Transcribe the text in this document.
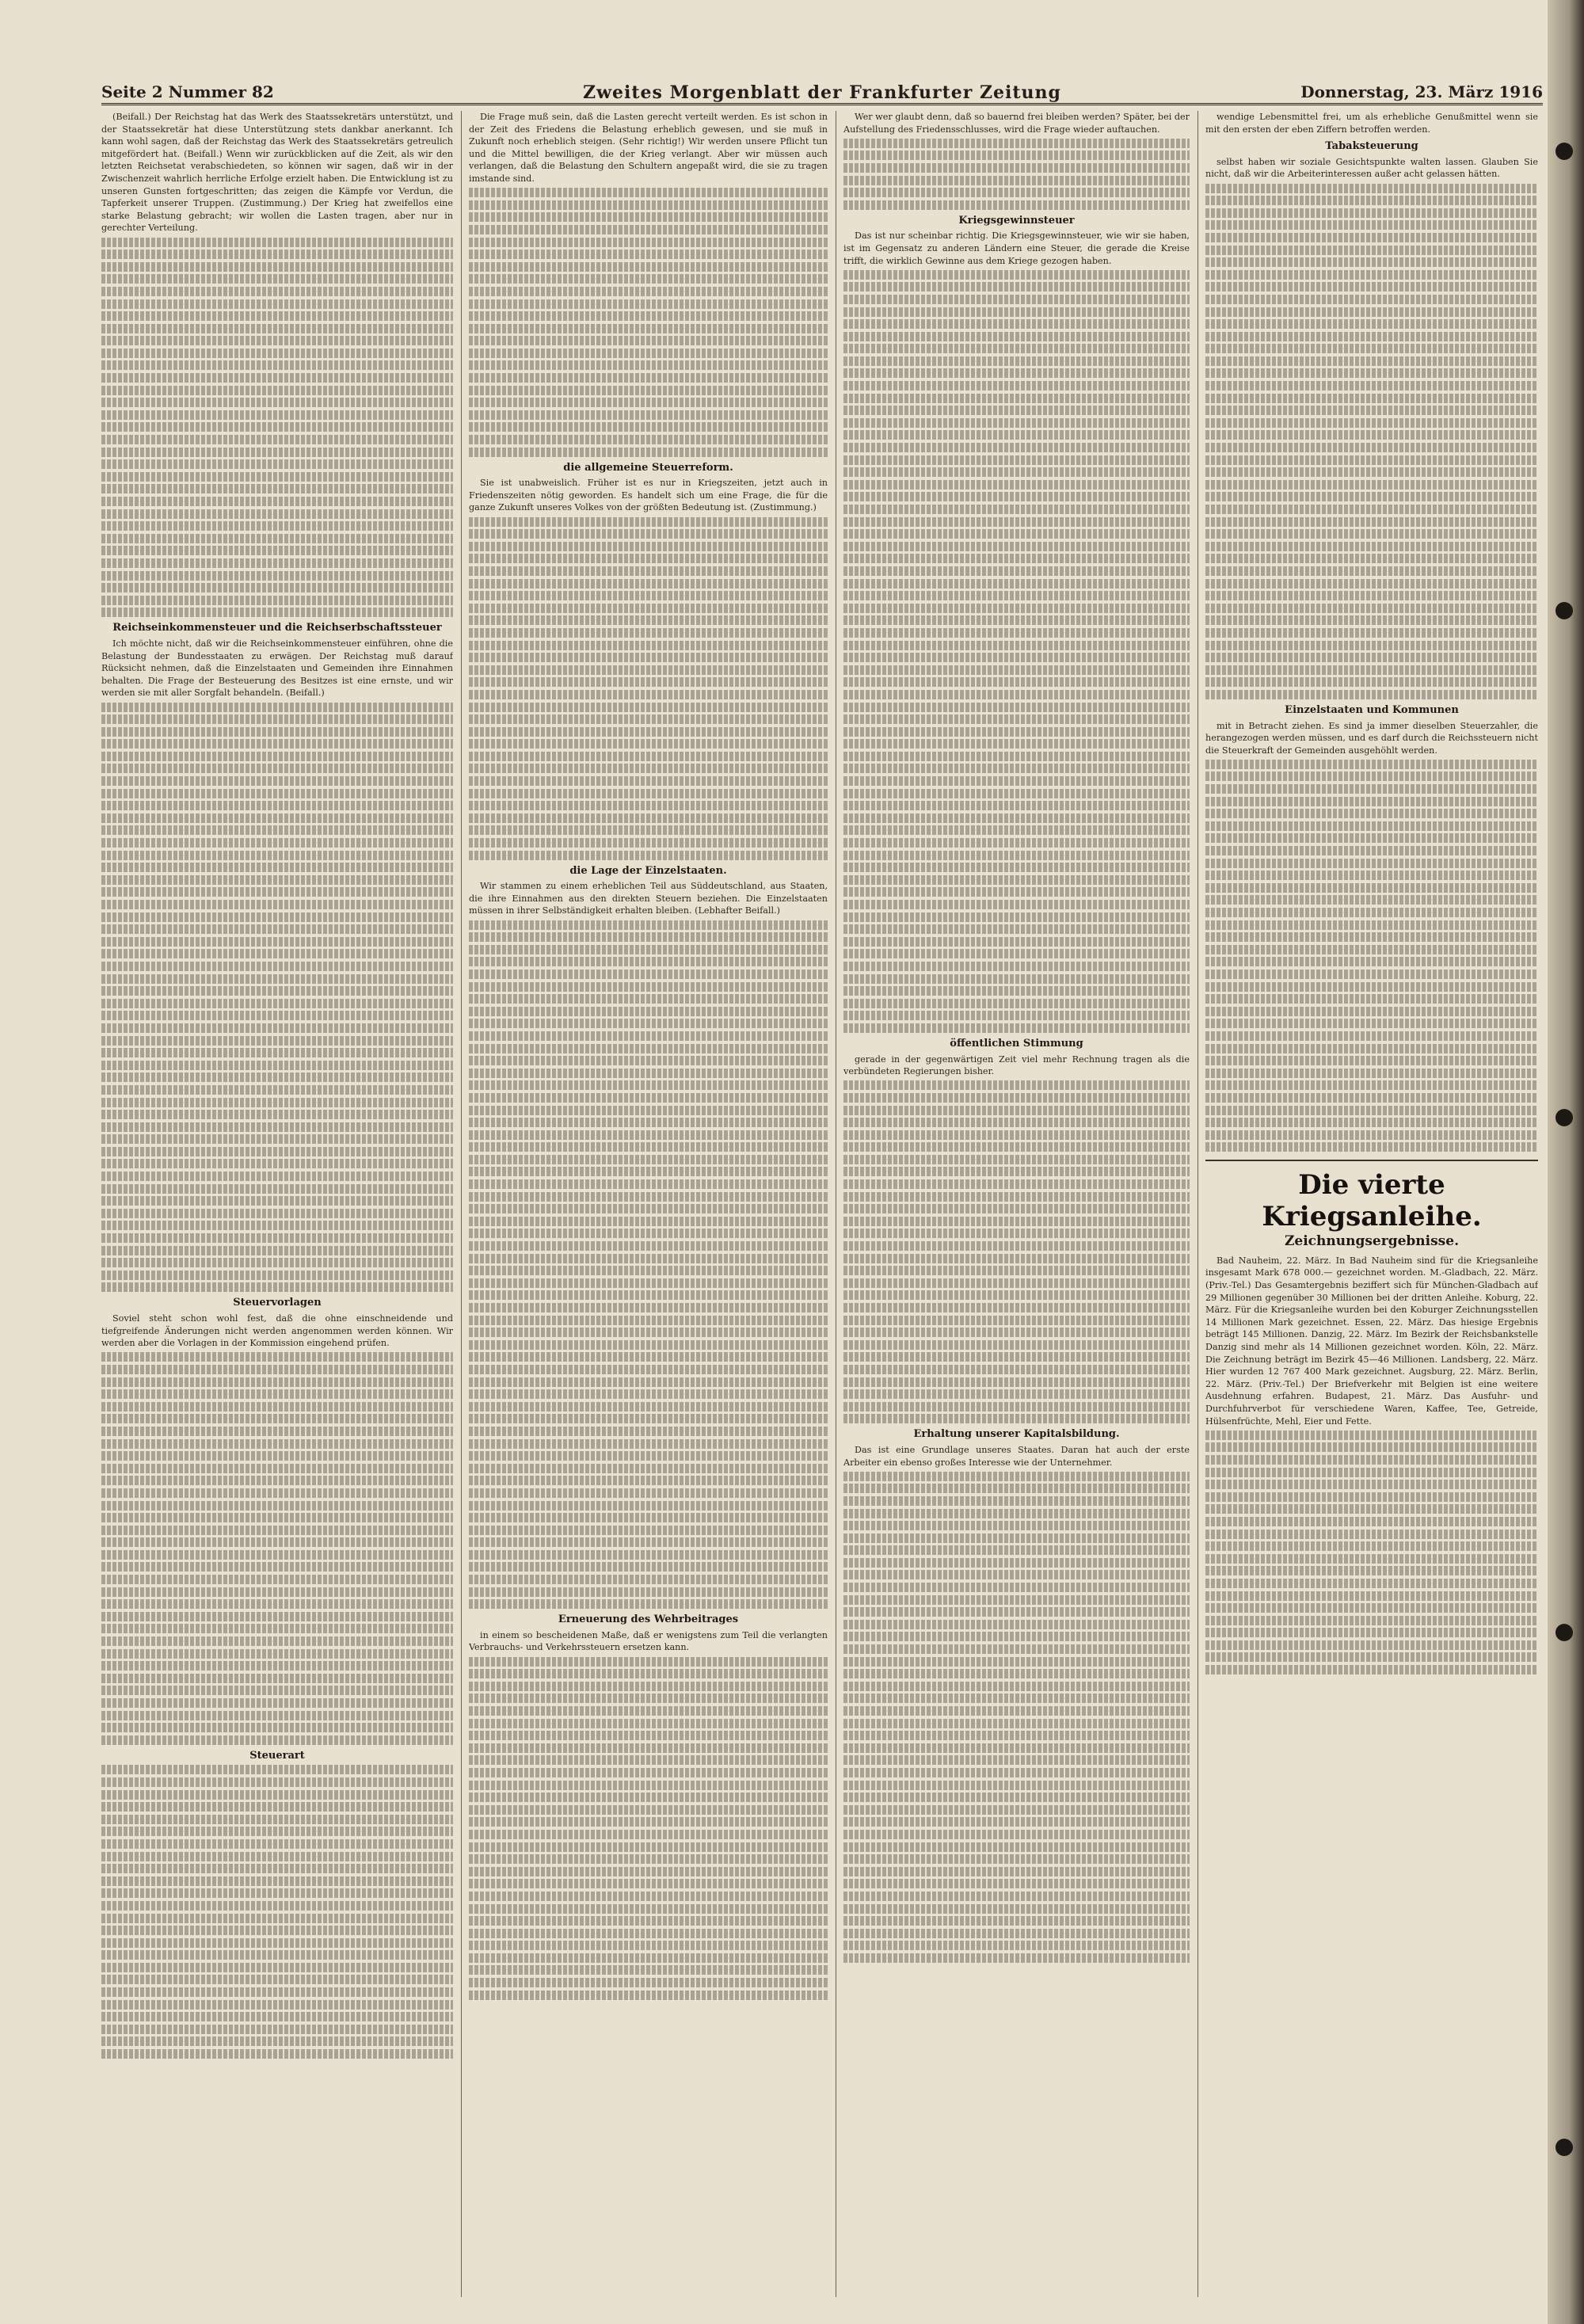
Seite 2 Nummer 82	Zweites Morgenblatt der Frankfurter Zeitung	Donnerstag, 23. März 1916

(Beifall.) Der Reichstag hat das Werk des Staatssekretärs unterstützt, und der Staatssekretär hat diese Unterstützung stets dankbar anerkannt. Ich kann wohl sagen, daß der Reichstag das Werk des Staatssekretärs getreulich mitgefördert hat. (Beifall.) Wenn wir zurückblicken auf die Zeit, als wir den letzten Reichsetat verabschiedeten, so können wir sagen, daß wir in der Zwischenzeit wahrlich herrliche Erfolge erzielt haben. Die Entwicklung ist zu unseren Gunsten fortgeschritten; das zeigen die Kämpfe vor Verdun, die Tapferkeit unserer Truppen. (Zustimmung.) Der Krieg hat zweifellos eine starke Belastung gebracht; wir wollen die Lasten tragen, aber nur in gerechter Verteilung.

Reichseinkommensteuer und die Reichserbschaftssteuer

Ich möchte nicht, daß wir die Reichseinkommensteuer einführen, ohne die Belastung der Bundesstaaten zu erwägen. Der Reichstag muß darauf Rücksicht nehmen, daß die Einzelstaaten und Gemeinden ihre Einnahmen behalten. Die Frage der Besteuerung des Besitzes ist eine ernste, und wir werden sie mit aller Sorgfalt behandeln. (Beifall.)

Steuervorlagen

Soviel steht schon wohl fest, daß die ohne einschneidende und tiefgreifende Änderungen nicht werden angenommen werden können. Wir werden aber die Vorlagen in der Kommission eingehend prüfen.

Steuerart

Die Frage muß sein, daß die Lasten gerecht verteilt werden. Es ist schon in der Zeit des Friedens die Belastung erheblich gewesen, und sie muß in Zukunft noch erheblich steigen. (Sehr richtig!) Wir werden unsere Pflicht tun und die Mittel bewilligen, die der Krieg verlangt. Aber wir müssen auch verlangen, daß die Belastung den Schultern angepaßt wird, die sie zu tragen imstande sind.

die allgemeine Steuerreform.

Sie ist unabweislich. Früher ist es nur in Kriegszeiten, jetzt auch in Friedenszeiten nötig geworden. Es handelt sich um eine Frage, die für die ganze Zukunft unseres Volkes von der größten Bedeutung ist. (Zustimmung.)

die Lage der Einzelstaaten.

Wir stammen zu einem erheblichen Teil aus Süddeutschland, aus Staaten, die ihre Einnahmen aus den direkten Steuern beziehen. Die Einzelstaaten müssen in ihrer Selbständigkeit erhalten bleiben. (Lebhafter Beifall.)

Erneuerung des Wehrbeitrages

in einem so bescheidenen Maße, daß er wenigstens zum Teil die verlangten Verbrauchs- und Verkehrssteuern ersetzen kann.

Wer wer glaubt denn, daß so bauernd frei bleiben werden? Später, bei der Aufstellung des Friedensschlusses, wird die Frage wieder auftauchen.

Kriegsgewinnsteuer

Das ist nur scheinbar richtig. Die Kriegsgewinnsteuer, wie wir sie haben, ist im Gegensatz zu anderen Ländern eine Steuer, die gerade die Kreise trifft, die wirklich Gewinne aus dem Kriege gezogen haben.

öffentlichen Stimmung

gerade in der gegenwärtigen Zeit viel mehr Rechnung tragen als die verbündeten Regierungen bisher.

Erhaltung unserer Kapitalsbildung.

Das ist eine Grundlage unseres Staates. Daran hat auch der erste Arbeiter ein ebenso großes Interesse wie der Unternehmer.

wendige Lebensmittel frei, um als erhebliche Genußmittel wenn sie mit den ersten der eben Ziffern betroffen werden.

Tabaksteuerung

selbst haben wir soziale Gesichtspunkte walten lassen. Glauben Sie nicht, daß wir die Arbeiterinteressen außer acht gelassen hätten.

Einzelstaaten und Kommunen

mit in Betracht ziehen. Es sind ja immer dieselben Steuerzahler, die herangezogen werden müssen, und es darf durch die Reichssteuern nicht die Steuerkraft der Gemeinden ausgehöhlt werden.

Die vierte Kriegsanleihe.
Zeichnungsergebnisse.

Bad Nauheim, 22. März. In Bad Nauheim sind für die Kriegsanleihe insgesamt Mark 678 000.— gezeichnet worden. M.-Gladbach, 22. März. (Priv.-Tel.) Das Gesamtergebnis beziffert sich für München-Gladbach auf 29 Millionen gegenüber 30 Millionen bei der dritten Anleihe. Koburg, 22. März. Für die Kriegsanleihe wurden bei den Koburger Zeichnungsstellen 14 Millionen Mark gezeichnet. Essen, 22. März. Das hiesige Ergebnis beträgt 145 Millionen. Danzig, 22. März. Im Bezirk der Reichsbankstelle Danzig sind mehr als 14 Millionen gezeichnet worden. Köln, 22. März. Die Zeichnung beträgt im Bezirk 45—46 Millionen. Landsberg, 22. März. Hier wurden 12 767 400 Mark gezeichnet. Augsburg, 22. März. Berlin, 22. März. (Priv.-Tel.) Der Briefverkehr mit Belgien ist eine weitere Ausdehnung erfahren. Budapest, 21. März. Das Ausfuhr- und Durchfuhrverbot für verschiedene Waren, Kaffee, Tee, Getreide, Hülsenfrüchte, Mehl, Eier und Fette.
